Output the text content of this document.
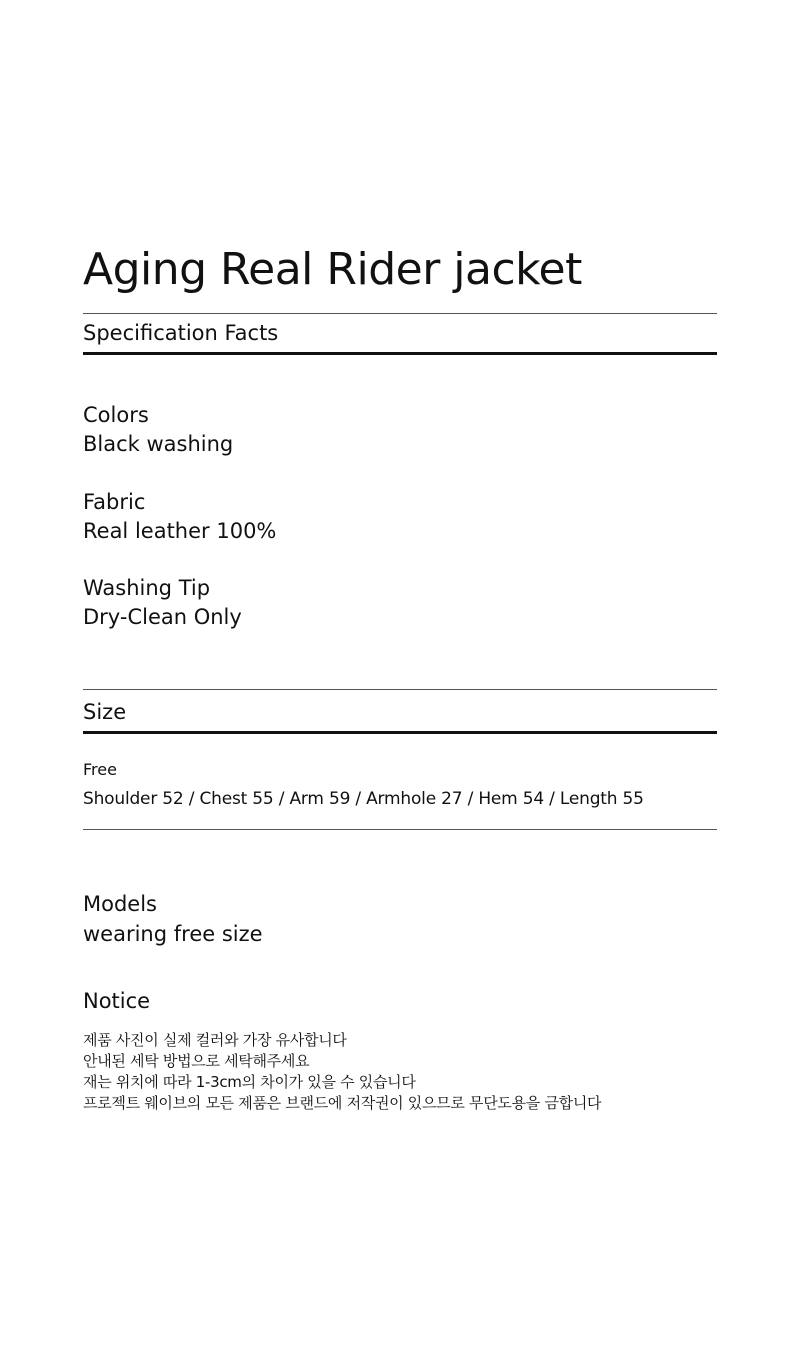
Aging Real Rider jacket
Specification Facts
Colors
Black washing
Fabric
Real leather 100%
Washing Tip
Dry-Clean Only
Size
Free
Shoulder 52 / Chest 55 / Arm 59 / Armhole 27 / Hem 54 / Length 55
Models
wearing free size
Notice
제품 사진이 실제 컬러와 가장 유사합니다
안내된 세탁 방법으로 세탁해주세요
재는 위치에 따라 1-3cm의 차이가 있을 수 있습니다
프로젝트 웨이브의 모든 제품은 브랜드에 저작권이 있으므로 무단도용을 금합니다
